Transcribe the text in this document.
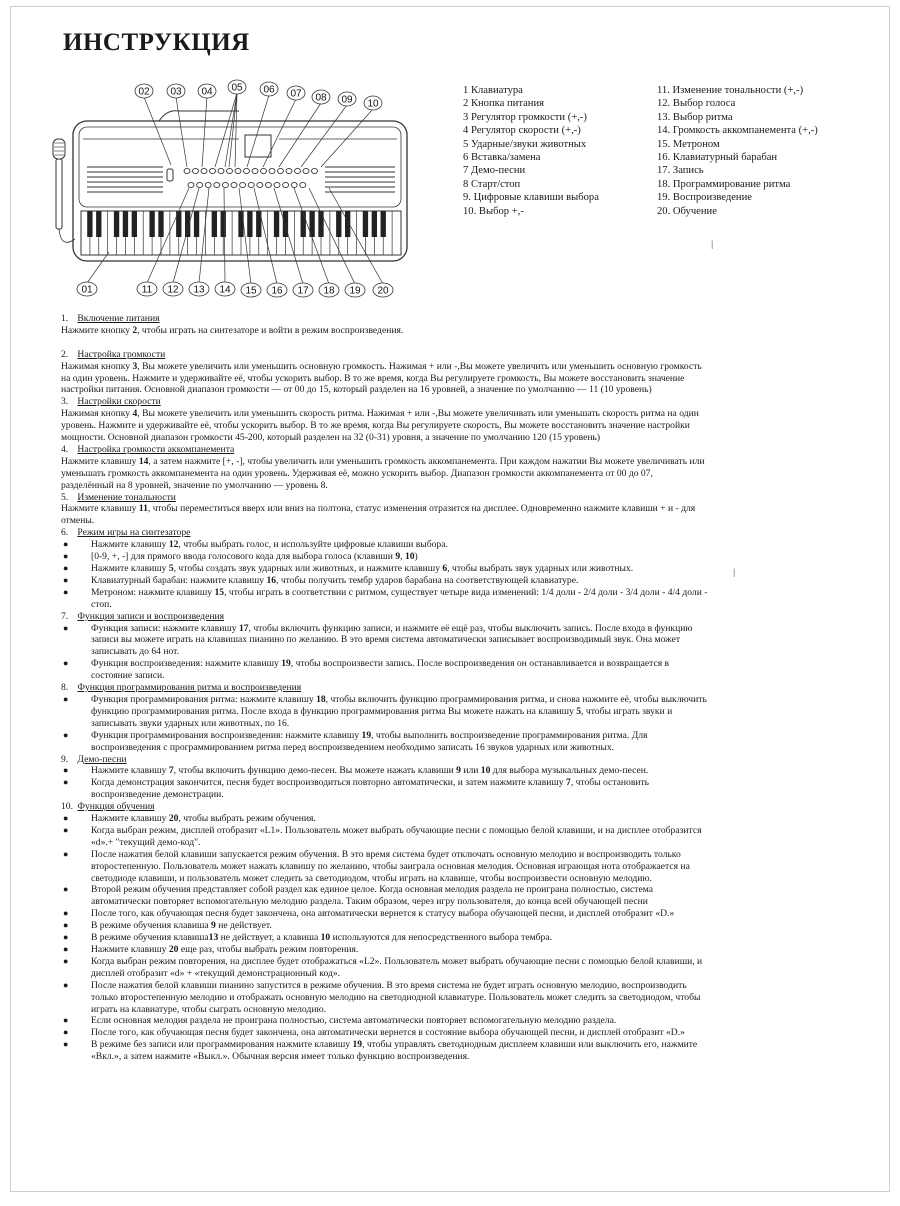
ИНСТРУКЦИЯ
02 03 04 05 06 07 08 09 10
01	11 12 13 14 15 16 17 18 19 20
1 Клавиатура
2 Кнопка питания
3 Регулятор громкости (+,-)
4 Регулятор скорости (+,-)
5 Ударные/звуки животных
6 Вставка/замена
7 Демо-песни
8 Старт/стоп
9. Цифровые клавиши выбора
10. Выбор +,-
11. Изменение тональности (+,-)
12. Выбор голоса
13. Выбор ритма
14. Громкость аккомпанемента (+,-)
15. Метроном
16. Клавиатурный барабан
17. Запись
18. Программирование ритма
19. Воспроизведение
20. Обучение
1. Включение питания
Нажмите кнопку 2, чтобы играть на синтезаторе и войти в режим воспроизведения.
2. Настройка громкости
Нажимая кнопку 3, Вы можете увеличить или уменьшить основную громкость. Нажимая + или -,Вы можете увеличить или уменьшить основную громкость
на один уровень. Нажмите и удерживайте её, чтобы ускорить выбор. В то же время, когда Вы регулируете громкость, Вы можете восстановить значение
настройки питания. Основной диапазон громкости — от 00 до 15, который разделен на 16 уровней, а значение по умолчанию — 11 (10 уровень)
3. Настройки скорости
Нажимая кнопку 4, Вы можете увеличить или уменьшить скорость ритма. Нажимая + или -,Вы можете увеличивать или уменьшать скорость ритма на один
уровень. Нажмите и удерживайте её, чтобы ускорить выбор. В то же время, когда Вы регулируете скорость, Вы можете восстановить значение настройки
мощности. Основной диапазон громкости 45-200, который разделен на 32 (0-31) уровня, а значение по умолчанию 120 (15 уровень)
4. Настройка громкости аккомпанемента
Нажмите клавишу 14, а затем нажмите [+, -], чтобы увеличить или уменьшить громкость аккомпанемента. При каждом нажатии Вы можете увеличивать или
уменьшать громкость аккомпанемента на один уровень. Удерживая её, можно ускорить выбор. Диапазон громкости аккомпанемента от 00 до 07,
разделённый на 8 уровней, значение по умолчанию — уровень 8.
5. Изменение тональности
Нажмите клавишу 11, чтобы переместиться вверх или вниз на полтона, статус изменения отразится на дисплее. Одновременно нажмите клавиши + и - для
отмены.
6. Режим игры на синтезаторе
● Нажмите клавишу 12, чтобы выбрать голос, и используйте цифровые клавиши выбора.
● [0-9, +, -] для прямого ввода голосового кода для выбора голоса (клавиши 9, 10)
● Нажмите клавишу 5, чтобы создать звук ударных или животных, и нажмите клавишу 6, чтобы выбрать звук ударных или животных.
● Клавиатурный барабан: нажмите клавишу 16, чтобы получить тембр ударов барабана на соответствующей клавиатуре.
● Метроном: нажмите клавишу 15, чтобы играть в соответствии с ритмом, существует четыре вида изменений: 1/4 доли - 2/4 доли - 3/4 доли - 4/4 доли -
стоп.
7. Функция записи и воспроизведения
● Функция записи: нажмите клавишу 17, чтобы включить функцию записи, и нажмите её ещё раз, чтобы выключить запись. После входа в функцию
записи вы можете играть на клавишах пианино по желанию. В это время система автоматически записывает воспроизводимый звук. Она может
записывать до 64 нот.
● Функция воспроизведения: нажмите клавишу 19, чтобы воспроизвести запись. После воспроизведения он останавливается и возвращается в
состояние записи.
8. Функция программирования ритма и воспроизведения
● Функция программирования ритма: нажмите клавишу 18, чтобы включить функцию программирования ритма, и снова нажмите её, чтобы выключить
функцию программирования ритма. После входа в функцию программирования ритма Вы можете нажать на клавишу 5, чтобы играть звуки и
записывать звуки ударных или животных, по 16.
● Функция программирования воспроизведения: нажмите клавишу 19, чтобы выполнить воспроизведение программирования ритма. Для
воспроизведения с программированием ритма перед воспроизведением необходимо записать 16 звуков ударных или животных.
9. Демо-песни
● Нажмите клавишу 7, чтобы включить функцию демо-песен. Вы можете нажать клавиши 9 или 10 для выбора музыкальных демо-песен.
● Когда демонстрация закончится, песня будет воспроизводиться повторно автоматически, и затем нажмите клавишу 7, чтобы остановить
воспроизведение демонстрации.
10. Функция обучения
● Нажмите клавишу 20, чтобы выбрать режим обучения.
● Когда выбран режим, дисплей отобразит «L1». Пользователь может выбрать обучающие песни с помощью белой клавиши, и на дисплее отобразится
«d».+ "текущий демо-код".
● После нажатия белой клавиши запускается режим обучения. В это время система будет отключать основную мелодию и воспроизводить только
второстепенную. Пользователь может нажать клавишу по желанию, чтобы заиграла основная мелодия. Основная играющая нота отображается на
светодиоде клавиши, и пользователь может следить за светодиодом, чтобы играть на клавише, чтобы воспроизвести основную мелодию.
● Второй режим обучения представляет собой раздел как единое целое. Когда основная мелодия раздела не проиграна полностью, система
автоматически повторяет вспомогательную мелодию раздела. Таким образом, через игру пользователя, до конца всей обучающей песни
● После того, как обучающая песня будет закончена, она автоматически вернется к статусу выбора обучающей песни, и дисплей отобразит «D.»
● В режиме обучения клавиша 9 не действует.
● В режиме обучения клавиша13 не действует, а клавиша 10 используются для непосредственного выбора тембра.
● Нажмите клавишу 20 еще раз, чтобы выбрать режим повторения.
● Когда выбран режим повторения, на дисплее будет отображаться «L2». Пользователь может выбрать обучающие песни с помощью белой клавиши, и
дисплей отобразит «d» + «текущий демонстрационный код».
● После нажатия белой клавиши пианино запустится в режиме обучения. В это время система не будет играть основную мелодию, воспроизводить
только второстепенную мелодию и отображать основную мелодию на светодиодной клавиатуре. Пользователь может следить за светодиодом, чтобы
играть на клавиатуре, чтобы сыграть основную мелодию.
● Если основная мелодия раздела не проиграна полностью, система автоматически повторяет вспомогательную мелодию раздела.
● После того, как обучающая песня будет закончена, она автоматически вернется в состояние выбора обучающей песни, и дисплей отобразит «D.»
● В режиме без записи или программирования нажмите клавишу 19, чтобы управлять светодиодным дисплеем клавиши или выключить его, нажмите
«Вкл.», а затем нажмите «Выкл.». Обычная версия имеет только функцию воспроизведения.
|
|
